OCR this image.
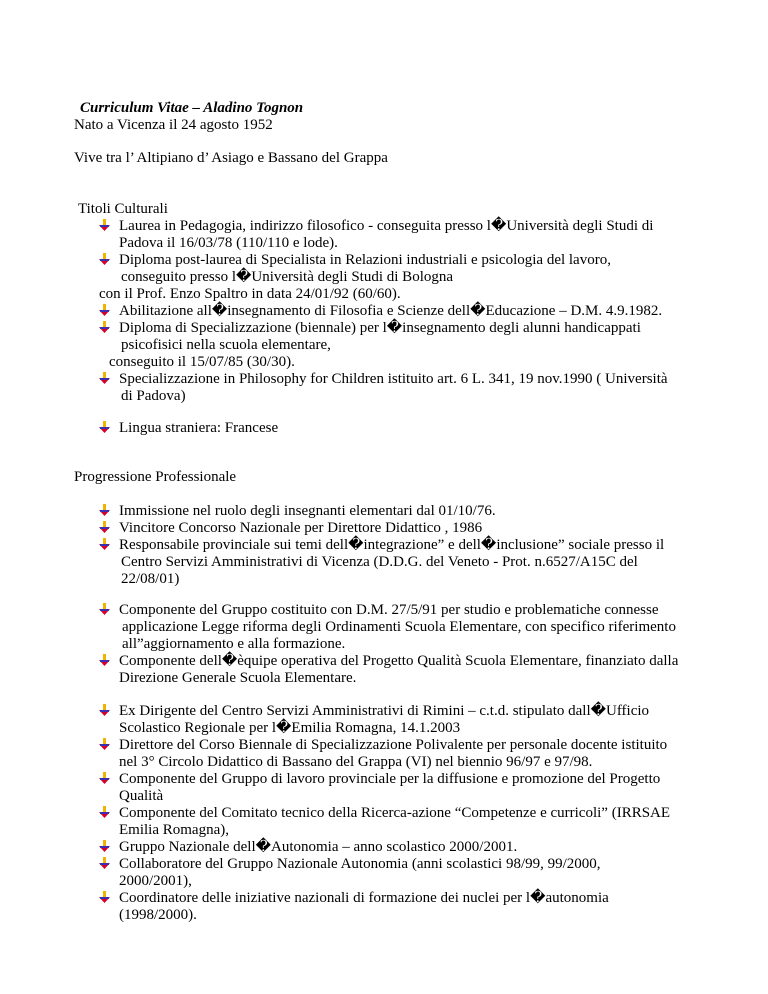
Curriculum Vitae – Aladino Tognon
Nato a Vicenza il 24 agosto 1952
Vive tra l’ Altipiano d’ Asiago e Bassano del Grappa
Titoli Culturali
Laurea in Pedagogia, indirizzo filosofico - conseguita presso l�Università degli Studi di
Padova il 16/03/78 (110/110 e lode).
Diploma post-laurea di Specialista in Relazioni industriali e psicologia del lavoro,
conseguito presso l�Università degli Studi di Bologna
con il Prof. Enzo Spaltro in data 24/01/92 (60/60).
Abilitazione all�insegnamento di Filosofia e Scienze dell�Educazione – D.M. 4.9.1982.
Diploma di Specializzazione (biennale) per l�insegnamento degli alunni handicappati
psicofisici nella scuola elementare,
conseguito il 15/07/85 (30/30).
Specializzazione in Philosophy for Children istituito art. 6 L. 341, 19 nov.1990 ( Università
di Padova)
Lingua straniera: Francese
Progressione Professionale
Immissione nel ruolo degli insegnanti elementari dal 01/10/76.
Vincitore Concorso Nazionale per Direttore Didattico , 1986
Responsabile provinciale sui temi dell�integrazione” e dell�inclusione” sociale presso il
Centro Servizi Amministrativi di Vicenza (D.D.G. del Veneto - Prot. n.6527/A15C del
22/08/01)
Componente del Gruppo costituito con D.M. 27/5/91 per studio e problematiche connesse
applicazione Legge riforma degli Ordinamenti Scuola Elementare, con specifico riferimento
all”aggiornamento e alla formazione.
Componente dell�èquipe operativa del Progetto Qualità Scuola Elementare, finanziato dalla
Direzione Generale Scuola Elementare.
Ex Dirigente del Centro Servizi Amministrativi di Rimini – c.t.d. stipulato dall�Ufficio
Scolastico Regionale per l�Emilia Romagna, 14.1.2003
Direttore del Corso Biennale di Specializzazione Polivalente per personale docente istituito
nel 3° Circolo Didattico di Bassano del Grappa (VI) nel biennio 96/97 e 97/98.
Componente del Gruppo di lavoro provinciale per la diffusione e promozione del Progetto
Qualità
Componente del Comitato tecnico della Ricerca-azione “Competenze e curricoli” (IRRSAE
Emilia Romagna),
Gruppo Nazionale dell�Autonomia – anno scolastico 2000/2001.
Collaboratore del Gruppo Nazionale Autonomia (anni scolastici 98/99, 99/2000,
2000/2001),
Coordinatore delle iniziative nazionali di formazione dei nuclei per l�autonomia
(1998/2000).
